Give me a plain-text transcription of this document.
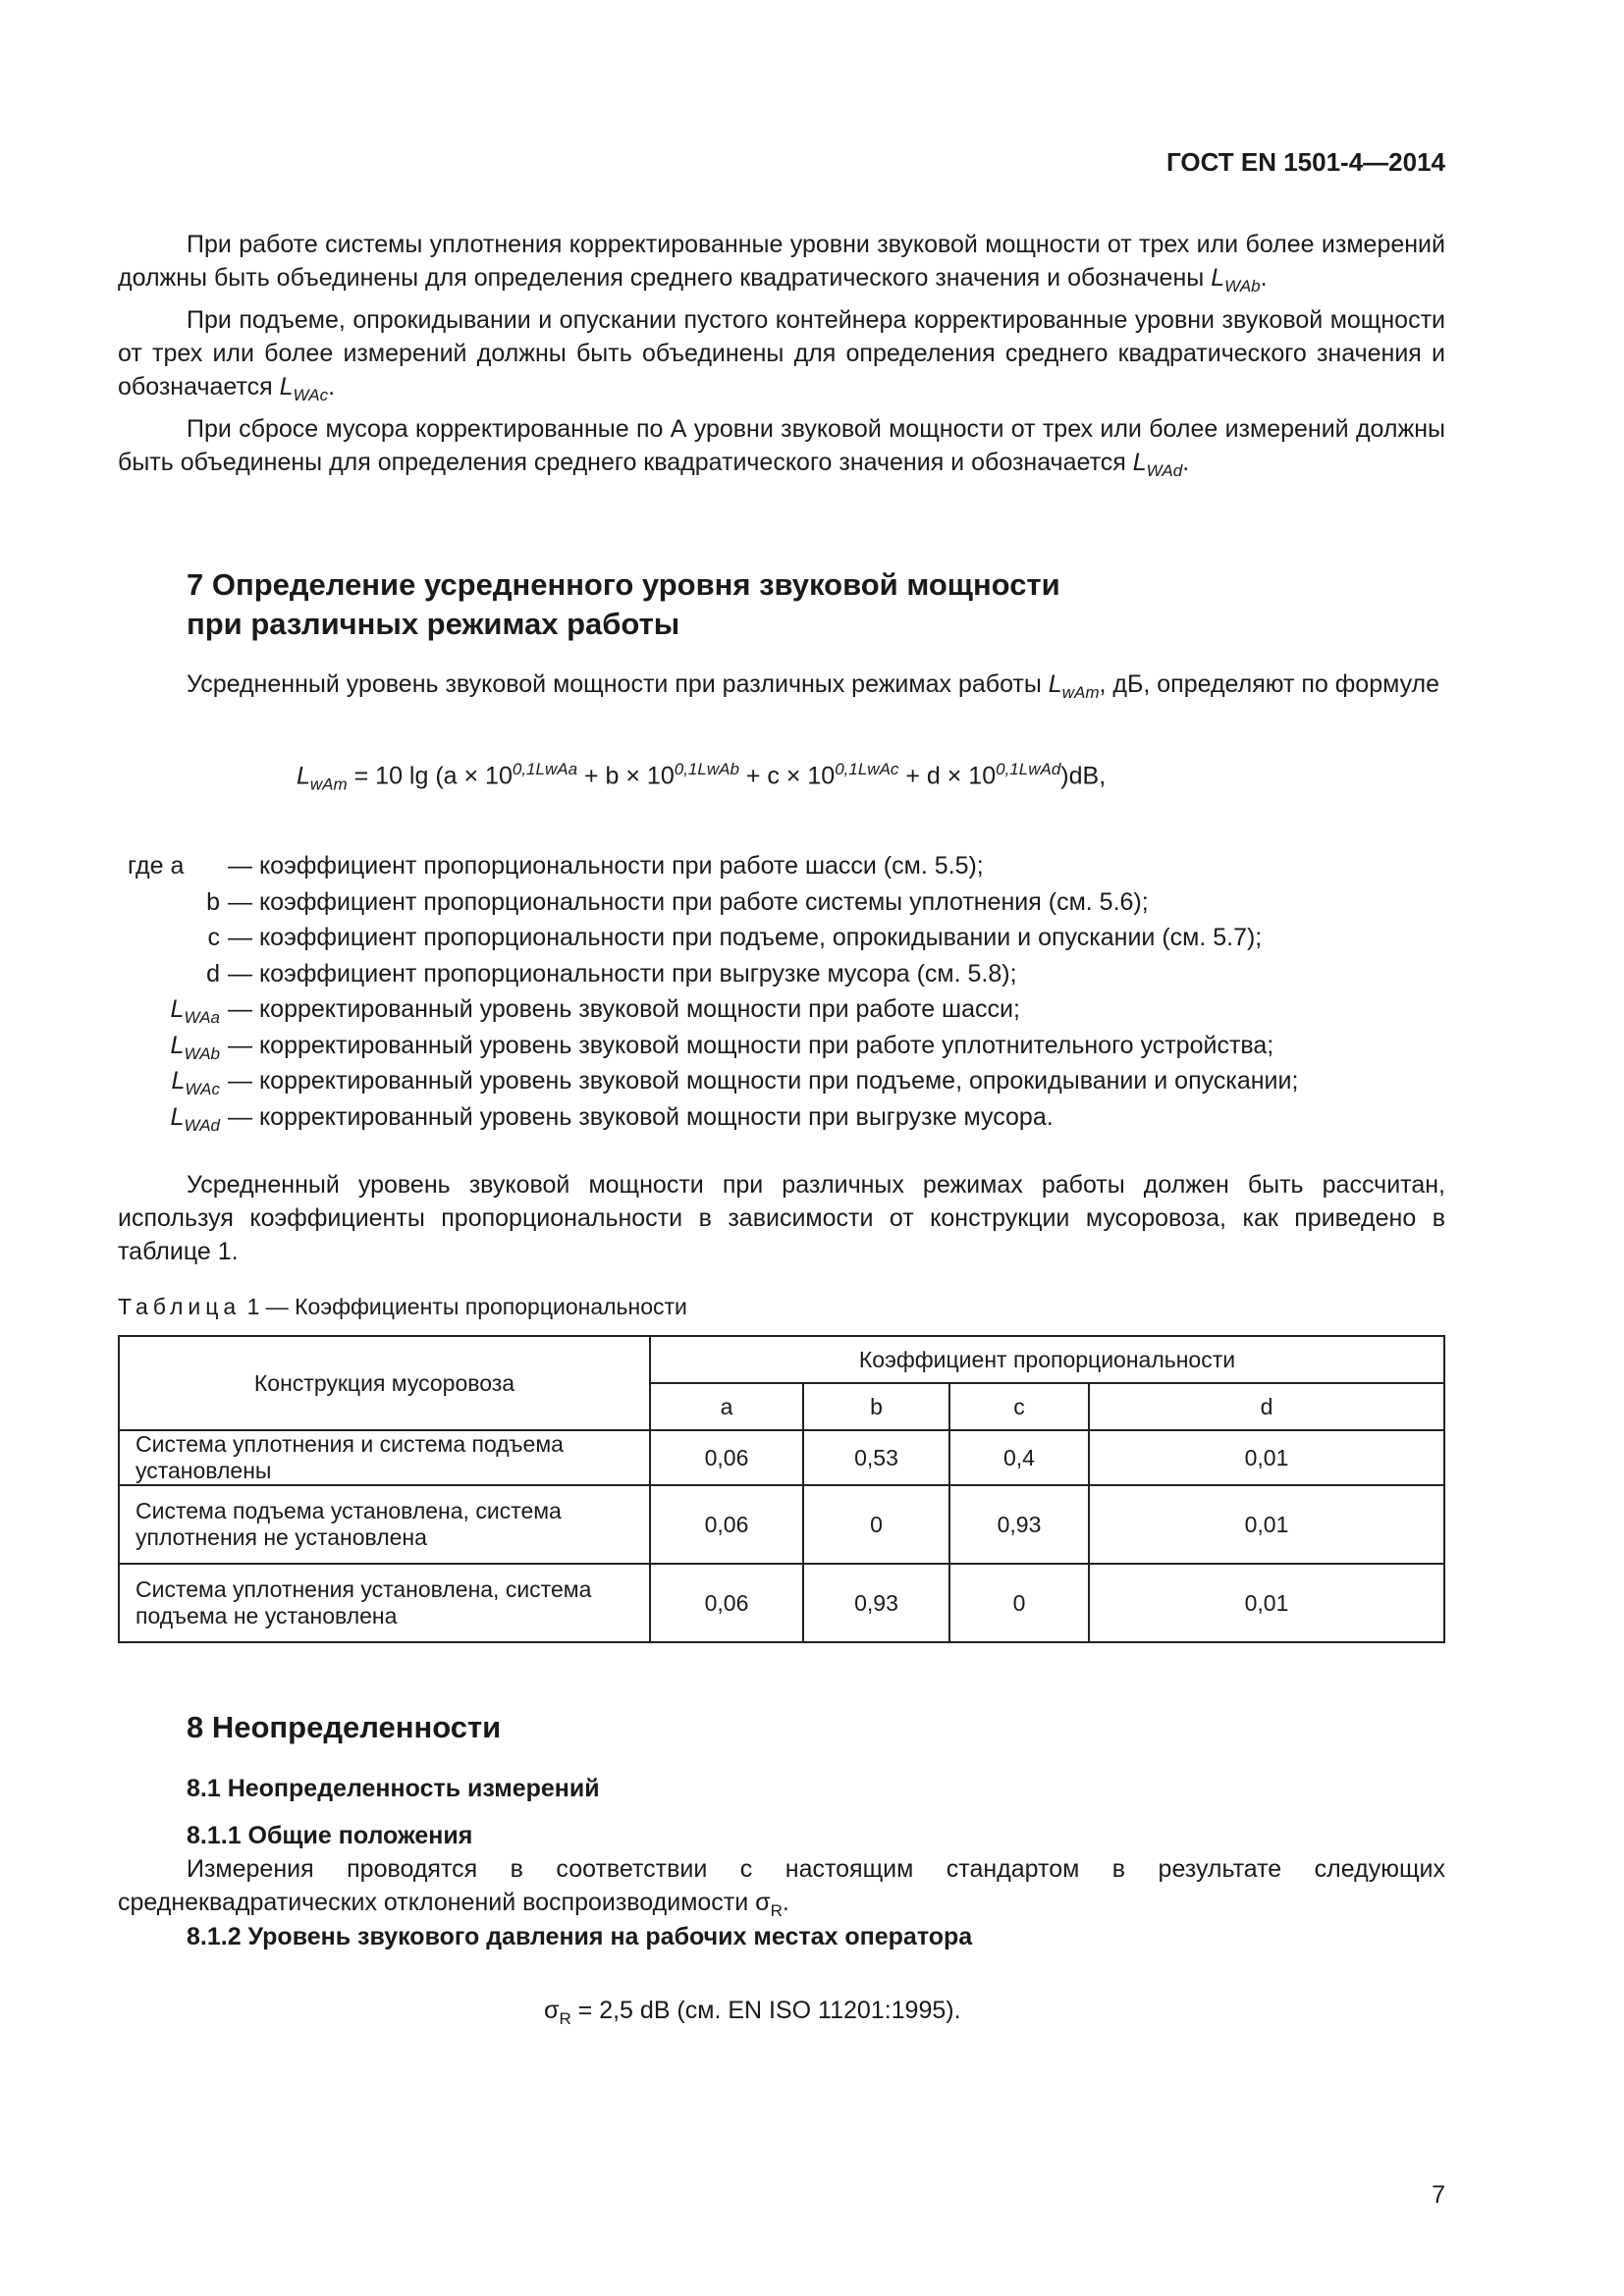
ГОСТ EN 1501-4—2014

При работе системы уплотнения корректированные уровни звуковой мощности от трех или более измерений должны быть объединены для определения среднего квадратического значения и обозначены $L_{WAb}$.

При подъеме, опрокидывании и опускании пустого контейнера корректированные уровни звуковой мощности от трех или более измерений должны быть объединены для определения среднего квадратического значения и обозначается $L_{WAc}$.

При сбросе мусора корректированные по А уровни звуковой мощности от трех или более измерений должны быть объединены для определения среднего квадратического значения и обозначается $L_{WAd}$.

7 Определение усредненного уровня звуковой мощности
при различных режимах работы

Усредненный уровень звуковой мощности при различных режимах работы $L_{wAm}$, дБ, определяют по формуле

$L_{wAm} = 10$ $\lg (a \times 10^{0,1LwAa} + b \times 10^{0,1LwAb} + c \times 10^{0,1LwAc} + d \times 10^{0,1LwAd})dB$,
где a — коэффициент пропорциональности при работе шасси (см. 5.5);
b — коэффициент пропорциональности при работе системы уплотнения (см. 5.6);
c — коэффициент пропорциональности при подъеме, опрокидывании и опускании (см. 5.7);
d — коэффициент пропорциональности при выгрузке мусора (см. 5.8);
$L_{WAa}$ — корректированный уровень звуковой мощности при работе шасси;
$L_{WAb}$ — корректированный уровень звуковой мощности при работе уплотнительного устройства;
$L_{WAc}$ — корректированный уровень звуковой мощности при подъеме, опрокидывании и опускании;
$L_{WAd}$ — корректированный уровень звуковой мощности при выгрузке мусора.

Усредненный уровень звуковой мощности при различных режимах работы должен быть рассчитан, используя коэффициенты пропорциональности в зависимости от конструкции мусоровоза, как приведено в таблице 1.

Таблица 1 — Коэффициенты пропорциональности
Конструкция мусоровоза	Коэффициент пропорциональности			
	a	b	c	d
Система уплотнения и система подъема установлены	0,06	0,53	0,4	0,01
Система подъема установлена, система уплотнения не установлена	0,06	0	0,93	0,01
Система уплотнения установлена, система подъема не установлена	0,06	0,93	0	0,01
8 Неопределенности
8.1 Неопределенность измерений
8.1.1 Общие положения

Измерения проводятся в соответствии с настоящим стандартом в результате следующих среднеквадратических отклонений воспроизводимости $\sigma_R$.

8.1.2 Уровень звукового давления на рабочих местах оператора
$\sigma_R = 2,5$ dB (см. EN ISO 11201:1995).
7
